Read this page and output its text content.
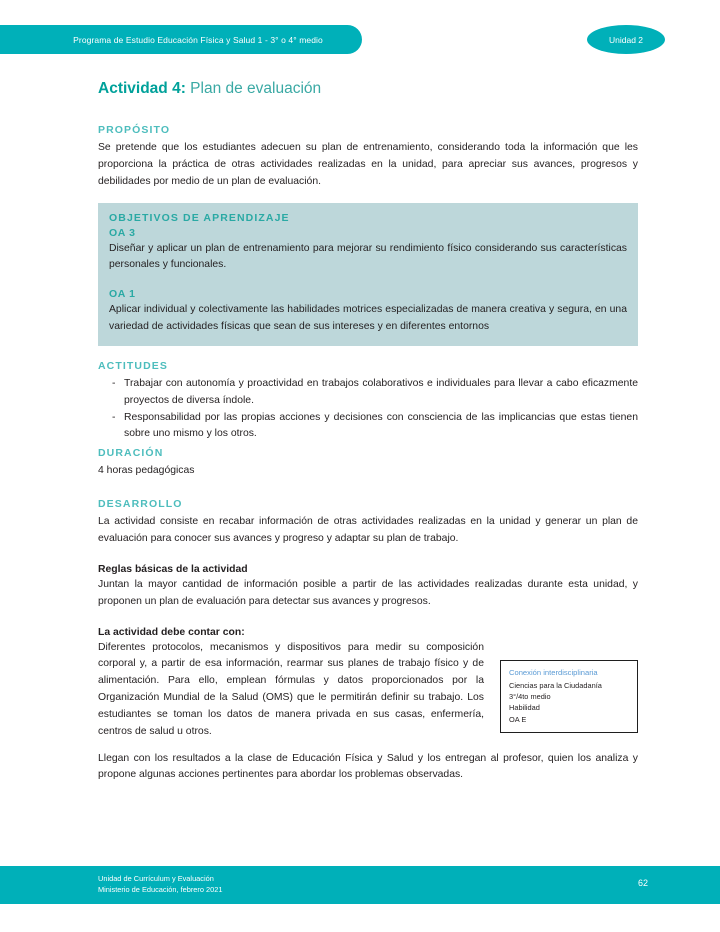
Programa de Estudio Educación Física y Salud 1 - 3° o 4° medio	Unidad 2
Actividad 4: Plan de evaluación
PROPÓSITO

Se pretende que los estudiantes adecuen su plan de entrenamiento, considerando toda la información que les proporciona la práctica de otras actividades realizadas en la unidad, para apreciar sus avances, progresos y debilidades por medio de un plan de evaluación.

OBJETIVOS DE APRENDIZAJE
OA 3

Diseñar y aplicar un plan de entrenamiento para mejorar su rendimiento físico considerando sus características personales y funcionales.

OA 1

Aplicar individual y colectivamente las habilidades motrices especializadas de manera creativa y segura, en una variedad de actividades físicas que sean de sus intereses y en diferentes entornos

ACTITUDES
- Trabajar con autonomía y proactividad en trabajos colaborativos e individuales para llevar a cabo eficazmente proyectos de diversa índole.
- Responsabilidad por las propias acciones y decisiones con consciencia de las implicancias que estas tienen sobre uno mismo y los otros.
DURACIÓN

4 horas pedagógicas

DESARROLLO

La actividad consiste en recabar información de otras actividades realizadas en la unidad y generar un plan de evaluación para conocer sus avances y progreso y adaptar su plan de trabajo.

Reglas básicas de la actividad

Juntan la mayor cantidad de información posible a partir de las actividades realizadas durante esta unidad, y proponen un plan de evaluación para detectar sus avances y progresos.

La actividad debe contar con:
Conexión interdisciplinaria
Ciencias para la Ciudadanía
3°/4to medio
Habilidad
OA E

Diferentes protocolos, mecanismos y dispositivos para medir su composición corporal y, a partir de esa información, rearmar sus planes de trabajo físico y de alimentación. Para ello, emplean fórmulas y datos proporcionados por la Organización Mundial de la Salud (OMS) que le permitirán definir su trabajo. Los estudiantes se toman los datos de manera privada en sus casas, enfermería, centros de salud u otros.

Llegan con los resultados a la clase de Educación Física y Salud y los entregan al profesor, quien los analiza y propone algunas acciones pertinentes para abordar los problemas observadas.

Unidad de Currículum y Evaluación
Ministerio de Educación, febrero 2021
62
